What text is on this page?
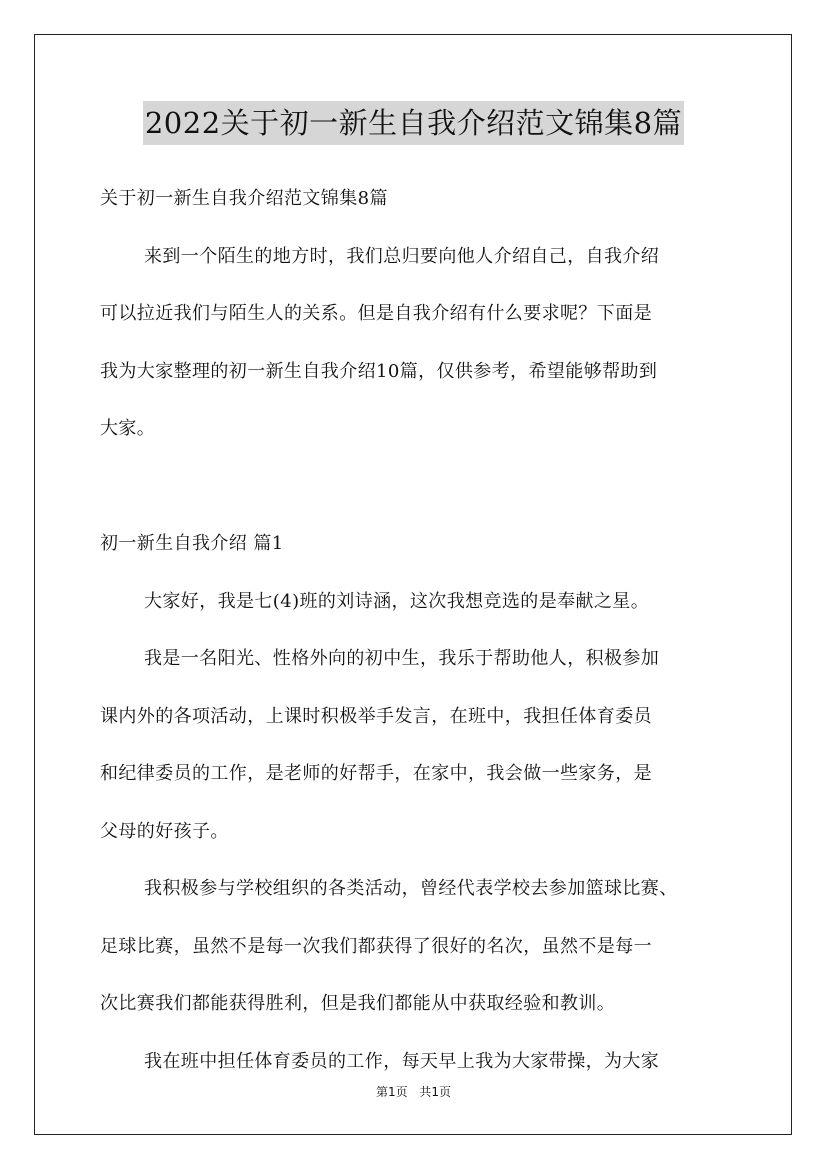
2022关于初一新生自我介绍范文锦集8篇
关于初一新生自我介绍范文锦集8篇
来到一个陌生的地方时，我们总归要向他人介绍自己，自我介绍
可以拉近我们与陌生人的关系。但是自我介绍有什么要求呢？下面是
我为大家整理的初一新生自我介绍10篇，仅供参考，希望能够帮助到
大家。
初一新生自我介绍 篇1
大家好，我是七(4)班的刘诗涵，这次我想竞选的是奉献之星。
我是一名阳光、性格外向的初中生，我乐于帮助他人，积极参加
课内外的各项活动，上课时积极举手发言，在班中，我担任体育委员
和纪律委员的工作，是老师的好帮手，在家中，我会做一些家务，是
父母的好孩子。
我积极参与学校组织的各类活动，曾经代表学校去参加篮球比赛、
足球比赛，虽然不是每一次我们都获得了很好的名次，虽然不是每一
次比赛我们都能获得胜利，但是我们都能从中获取经验和教训。
我在班中担任体育委员的工作，每天早上我为大家带操，为大家
第1页 共1页
